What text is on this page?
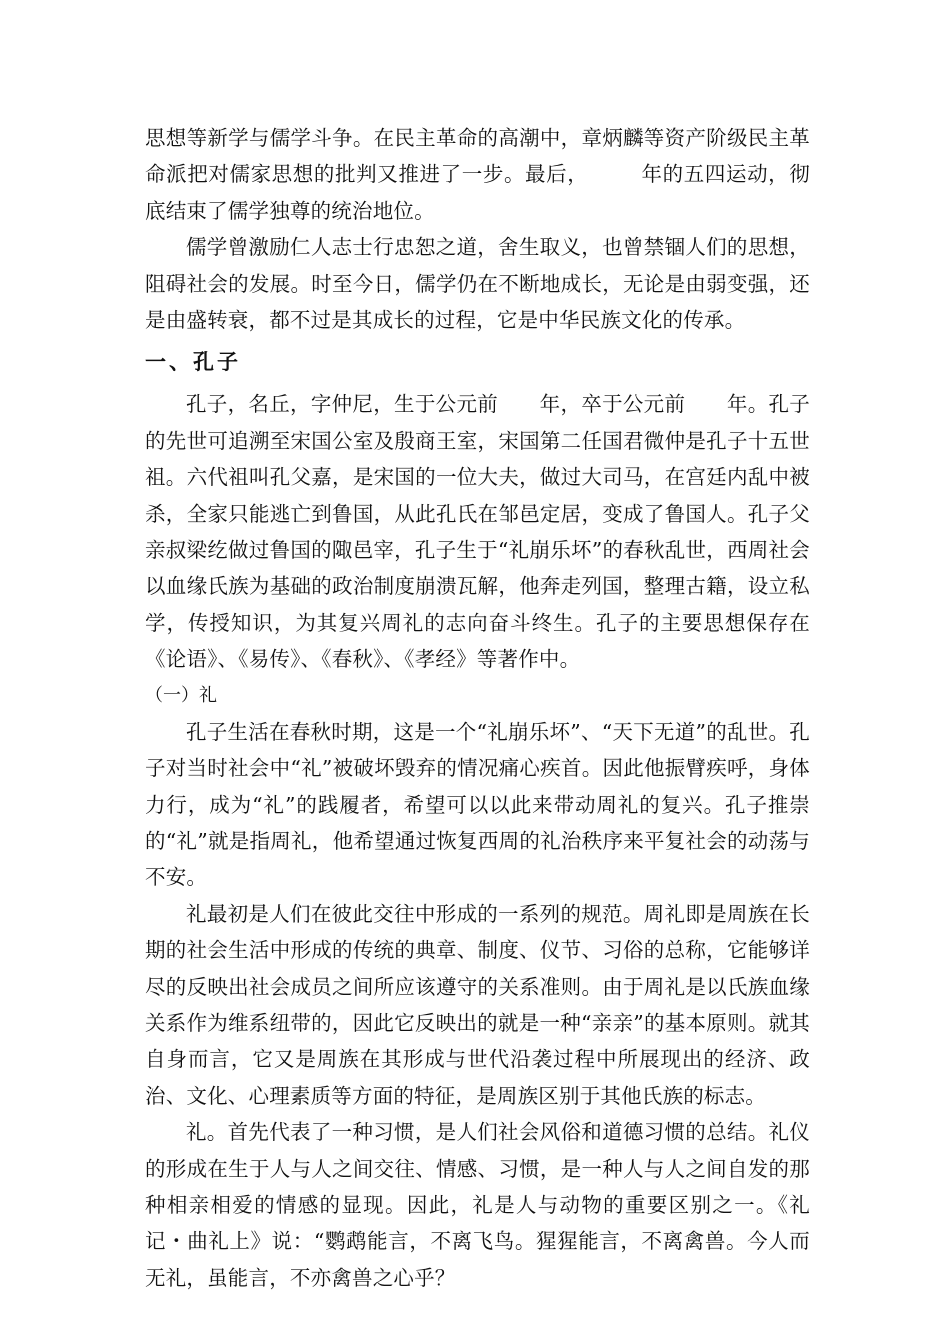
思想等新学与儒学斗争。在民主革命的高潮中，章炳麟等资产阶级民主革命派把对儒家思想的批判又推进了一步。最后，　　　年的五四运动，彻底结束了儒学独尊的统治地位。

儒学曾激励仁人志士行忠恕之道，舍生取义，也曾禁锢人们的思想，阻碍社会的发展。时至今日，儒学仍在不断地成长，无论是由弱变强，还是由盛转衰，都不过是其成长的过程，它是中华民族文化的传承。

一、孔子

孔子，名丘，字仲尼，生于公元前　　年，卒于公元前　　年。孔子的先世可追溯至宋国公室及殷商王室，宋国第二任国君微仲是孔子十五世祖。六代祖叫孔父嘉，是宋国的一位大夫，做过大司马，在宫廷内乱中被杀，全家只能逃亡到鲁国，从此孔氏在邹邑定居，变成了鲁国人。孔子父亲叔梁纥做过鲁国的陬邑宰，孔子生于“礼崩乐坏”的春秋乱世，西周社会以血缘氏族为基础的政治制度崩溃瓦解，他奔走列国，整理古籍，设立私学，传授知识，为其复兴周礼的志向奋斗终生。孔子的主要思想保存在《论语》、《易传》、《春秋》、《孝经》等著作中。

（一）礼

孔子生活在春秋时期，这是一个“礼崩乐坏”、“天下无道”的乱世。孔子对当时社会中“礼”被破坏毁弃的情况痛心疾首。因此他振臂疾呼，身体力行，成为“礼”的践履者，希望可以以此来带动周礼的复兴。孔子推崇的“礼”就是指周礼，他希望通过恢复西周的礼治秩序来平复社会的动荡与不安。

礼最初是人们在彼此交往中形成的一系列的规范。周礼即是周族在长期的社会生活中形成的传统的典章、制度、仪节、习俗的总称，它能够详尽的反映出社会成员之间所应该遵守的关系准则。由于周礼是以氏族血缘关系作为维系纽带的，因此它反映出的就是一种“亲亲”的基本原则。就其自身而言，它又是周族在其形成与世代沿袭过程中所展现出的经济、政治、文化、心理素质等方面的特征，是周族区别于其他氏族的标志。

礼。首先代表了一种习惯，是人们社会风俗和道德习惯的总结。礼仪的形成在生于人与人之间交往、情感、习惯，是一种人与人之间自发的那种相亲相爱的情感的显现。因此，礼是人与动物的重要区别之一。《礼记・曲礼上》说：“鹦鹉能言，不离飞鸟。猩猩能言，不离禽兽。今人而无礼，虽能言，不亦禽兽之心乎？
